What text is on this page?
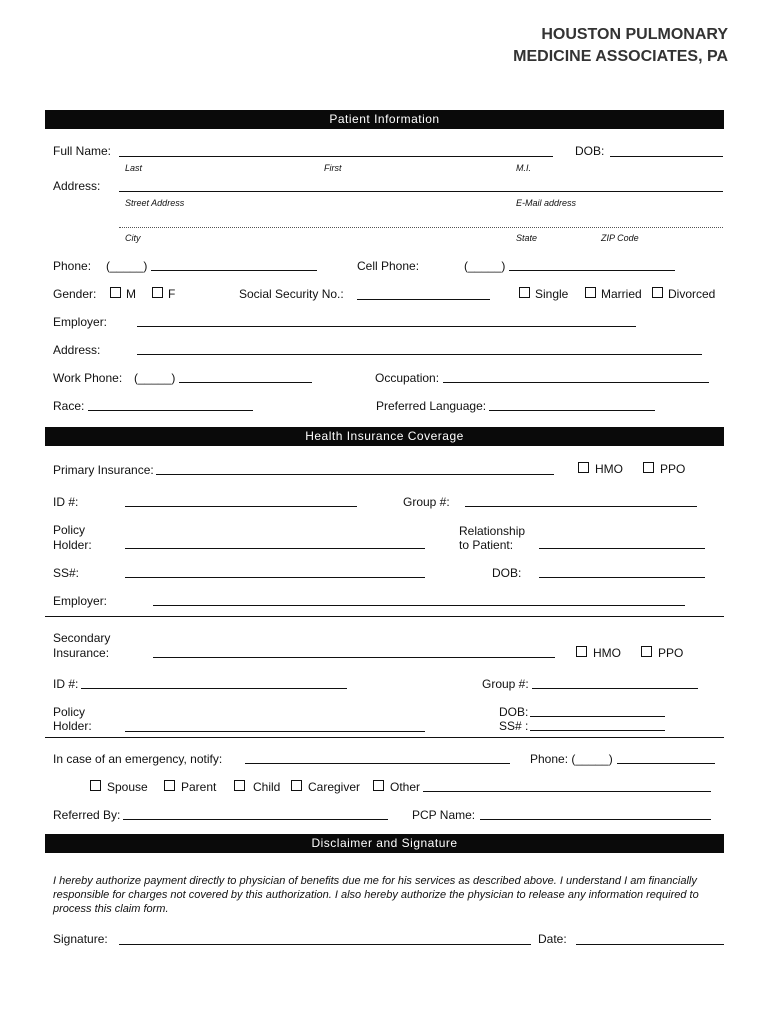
HOUSTON PULMONARY
MEDICINE ASSOCIATES, PA
Patient Information
Full Name:	DOB:
Last	First	M.I.
Address:
Street Address	E-Mail address
City	State	ZIP Code
Phone: (_____)	Cell Phone:	(_____)
Gender: M	F	Social Security No.:	Single	Married Divorced
Employer:
Address:
Work Phone: (_____)	Occupation:
Race:	Preferred Language:
Health Insurance Coverage
Primary Insurance:	HMO	PPO
ID #:	Group #:
Policy
Holder:
Relationship
to Patient:
SS#:	DOB:
Employer:
Secondary
Insurance:	HMO	PPO
ID #:	Group #:
Policy
Holder:
DOB:
SS# :
In case of an emergency, notify:	Phone: (_____)
Spouse	Parent	Child Caregiver Other
Referred By:	PCP Name:
Disclaimer and Signature
I hereby authorize payment directly to physician of benefits due me for his services as described above. I understand I am financially responsible for charges not covered by this authorization. I also hereby authorize the physician to release any information required to process this claim form.
Signature:	Date:
